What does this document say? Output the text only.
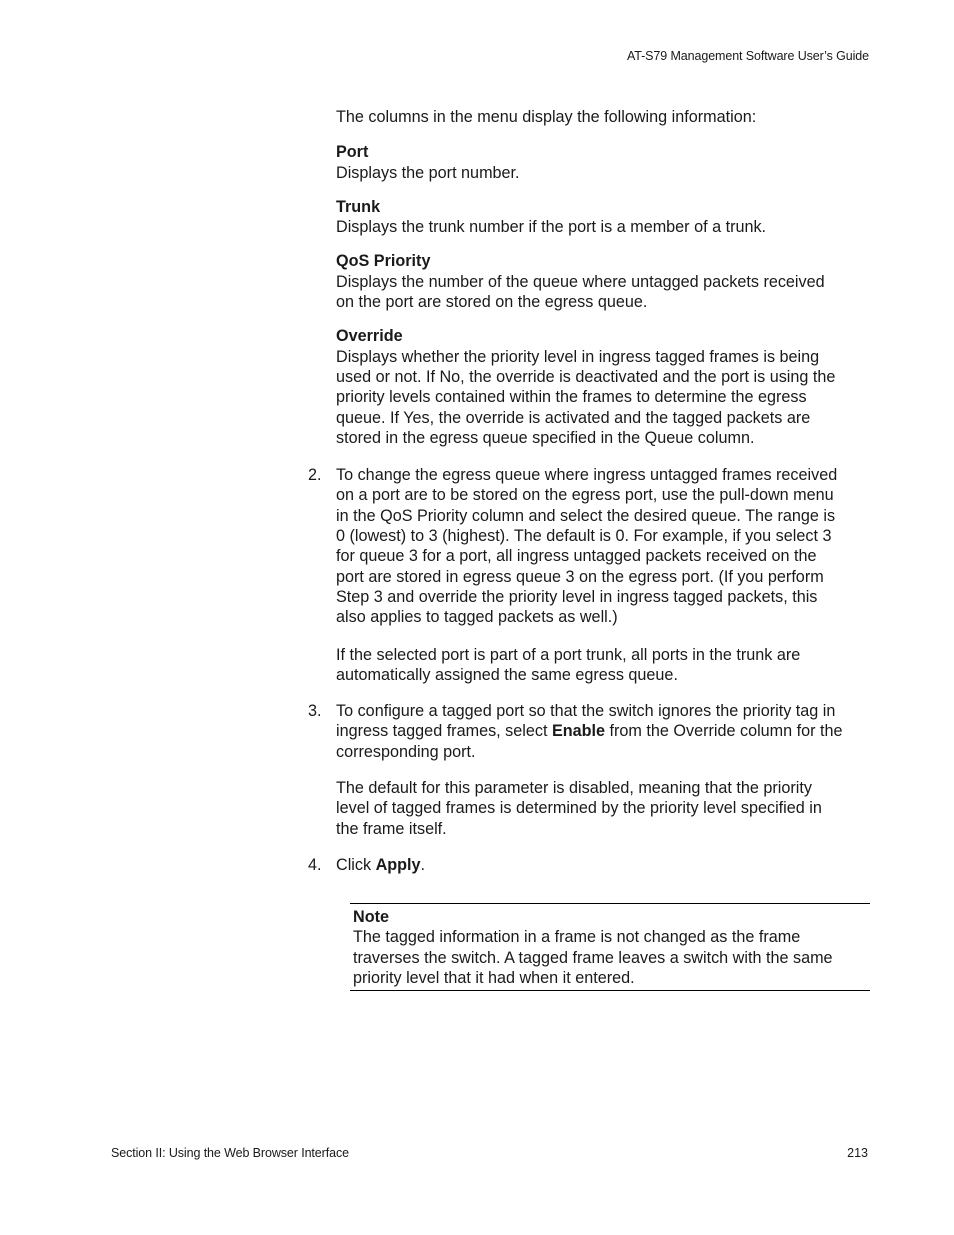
AT-S79 Management Software User’s Guide

The columns in the menu display the following information:

Port

Displays the port number.

Trunk

Displays the trunk number if the port is a member of a trunk.

QoS Priority

Displays the number of the queue where untagged packets received
on the port are stored on the egress queue.

Override

Displays whether the priority level in ingress tagged frames is being
used or not. If No, the override is deactivated and the port is using the
priority levels contained within the frames to determine the egress
queue. If Yes, the override is activated and the tagged packets are
stored in the egress queue specified in the Queue column.

2. To change the egress queue where ingress untagged frames received
on a port are to be stored on the egress port, use the pull-down menu
in the QoS Priority column and select the desired queue. The range is
0 (lowest) to 3 (highest). The default is 0. For example, if you select 3
for queue 3 for a port, all ingress untagged packets received on the
port are stored in egress queue 3 on the egress port. (If you perform
Step 3 and override the priority level in ingress tagged packets, this
also applies to tagged packets as well.)
If the selected port is part of a port trunk, all ports in the trunk are
automatically assigned the same egress queue.
3. To configure a tagged port so that the switch ignores the priority tag in
ingress tagged frames, select Enable from the Override column for the
corresponding port.
The default for this parameter is disabled, meaning that the priority
level of tagged frames is determined by the priority level specified in
the frame itself.
4. Click Apply.

Note

The tagged information in a frame is not changed as the frame
traverses the switch. A tagged frame leaves a switch with the same
priority level that it had when it entered.

Section II: Using the Web Browser Interface	213
